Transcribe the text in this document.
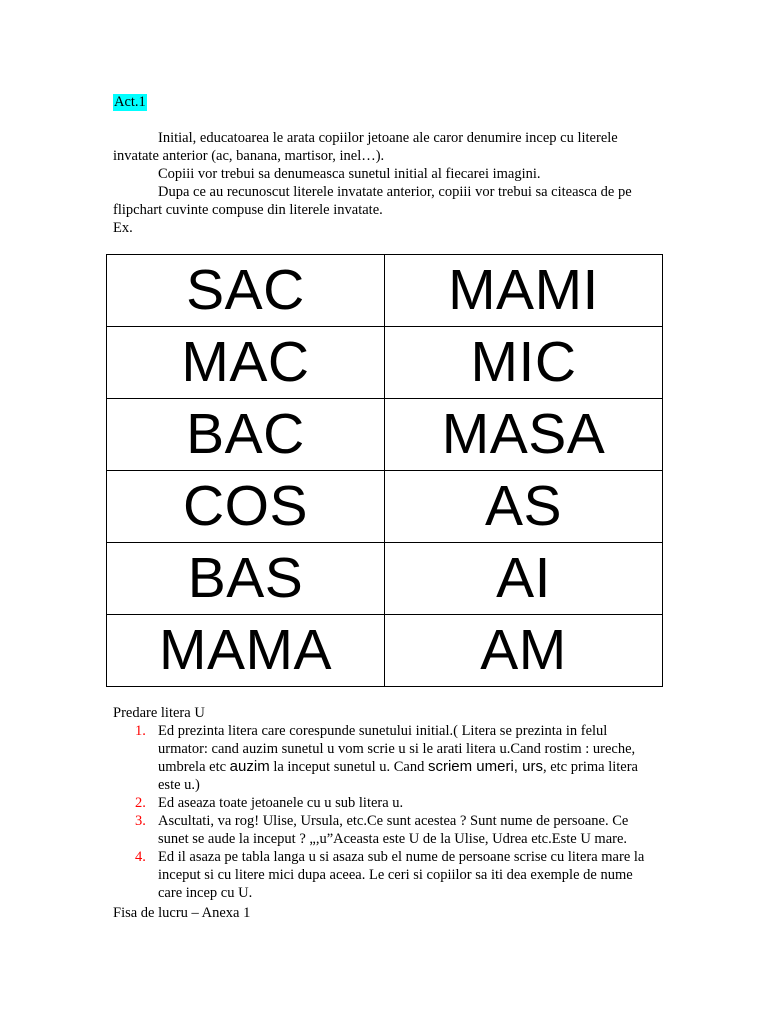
Act.1

Initial, educatoarea le arata copiilor jetoane ale caror denumire incep cu literele invatate anterior (ac, banana, martisor, inel…).

Copiii vor trebui sa denumeasca sunetul initial al fiecarei imagini.

Dupa ce au recunoscut literele invatate anterior, copiii vor trebui sa citeasca de pe flipchart cuvinte compuse din literele invatate.

Ex.

SAC	MAMI
MAC	MIC
BAC	MASA
COS	AS
BAS	AI
MAMA	AM
Predare litera U
1. Ed prezinta litera care corespunde sunetului initial.( Litera se prezinta in felul urmator: cand auzim sunetul u vom scrie u si le arati litera u.Cand rostim : ureche, umbrela etc auzim la inceput sunetul u. Cand scriem umeri, urs, etc prima litera este u.)
2. Ed aseaza toate jetoanele cu u sub litera u.
3. Ascultati, va rog! Ulise, Ursula, etc.Ce sunt acestea ? Sunt nume de persoane. Ce sunet se aude la inceput ? „,u”Aceasta este U de la Ulise, Udrea etc.Este U mare.
4. Ed il asaza pe tabla langa u si asaza sub el nume de persoane scrise cu litera mare la inceput si cu litere mici dupa aceea. Le ceri si copiilor sa iti dea exemple de nume care incep cu U.
Fisa de lucru – Anexa 1
